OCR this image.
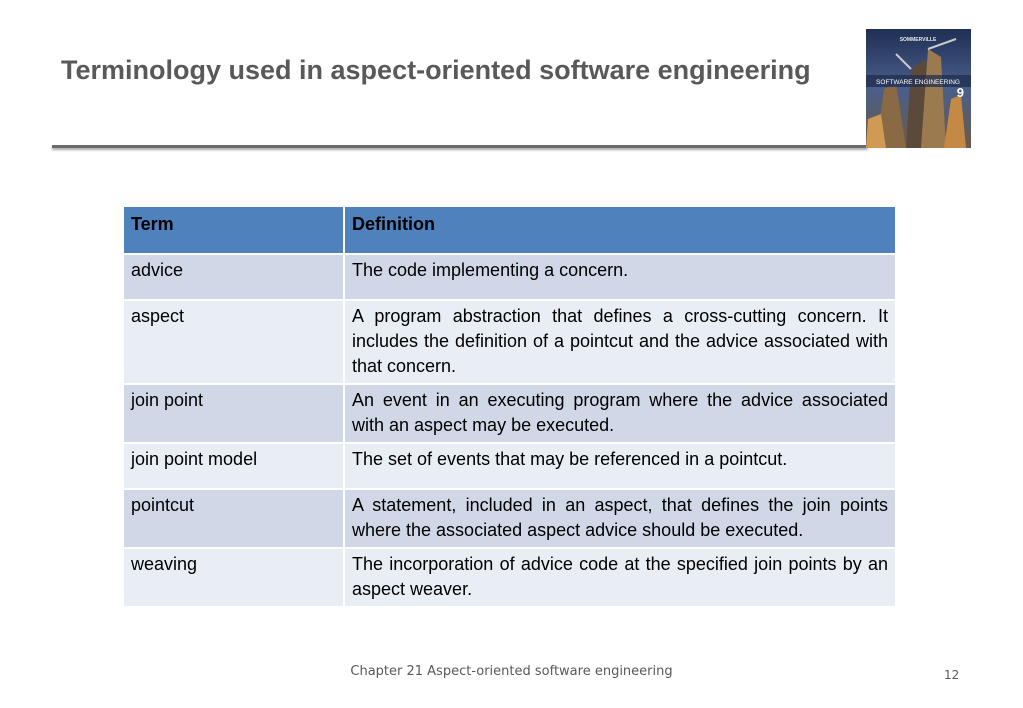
Terminology used in aspect-oriented software engineering
SOMMERVILLE
SOFTWARE ENGINEERING
9
Term	Definition
advice	The code implementing a concern.
aspect	A program abstraction that defines a cross-cutting concern. It includes the definition of a pointcut and the advice associated with that concern.
join point	An event in an executing program where the advice associated with an aspect may be executed.
join point model	The set of events that may be referenced in a pointcut.
pointcut	A statement, included in an aspect, that defines the join points where the associated aspect advice should be executed.
weaving	The incorporation of advice code at the specified join points by an aspect weaver.
Chapter 21 Aspect-oriented software engineering	12
